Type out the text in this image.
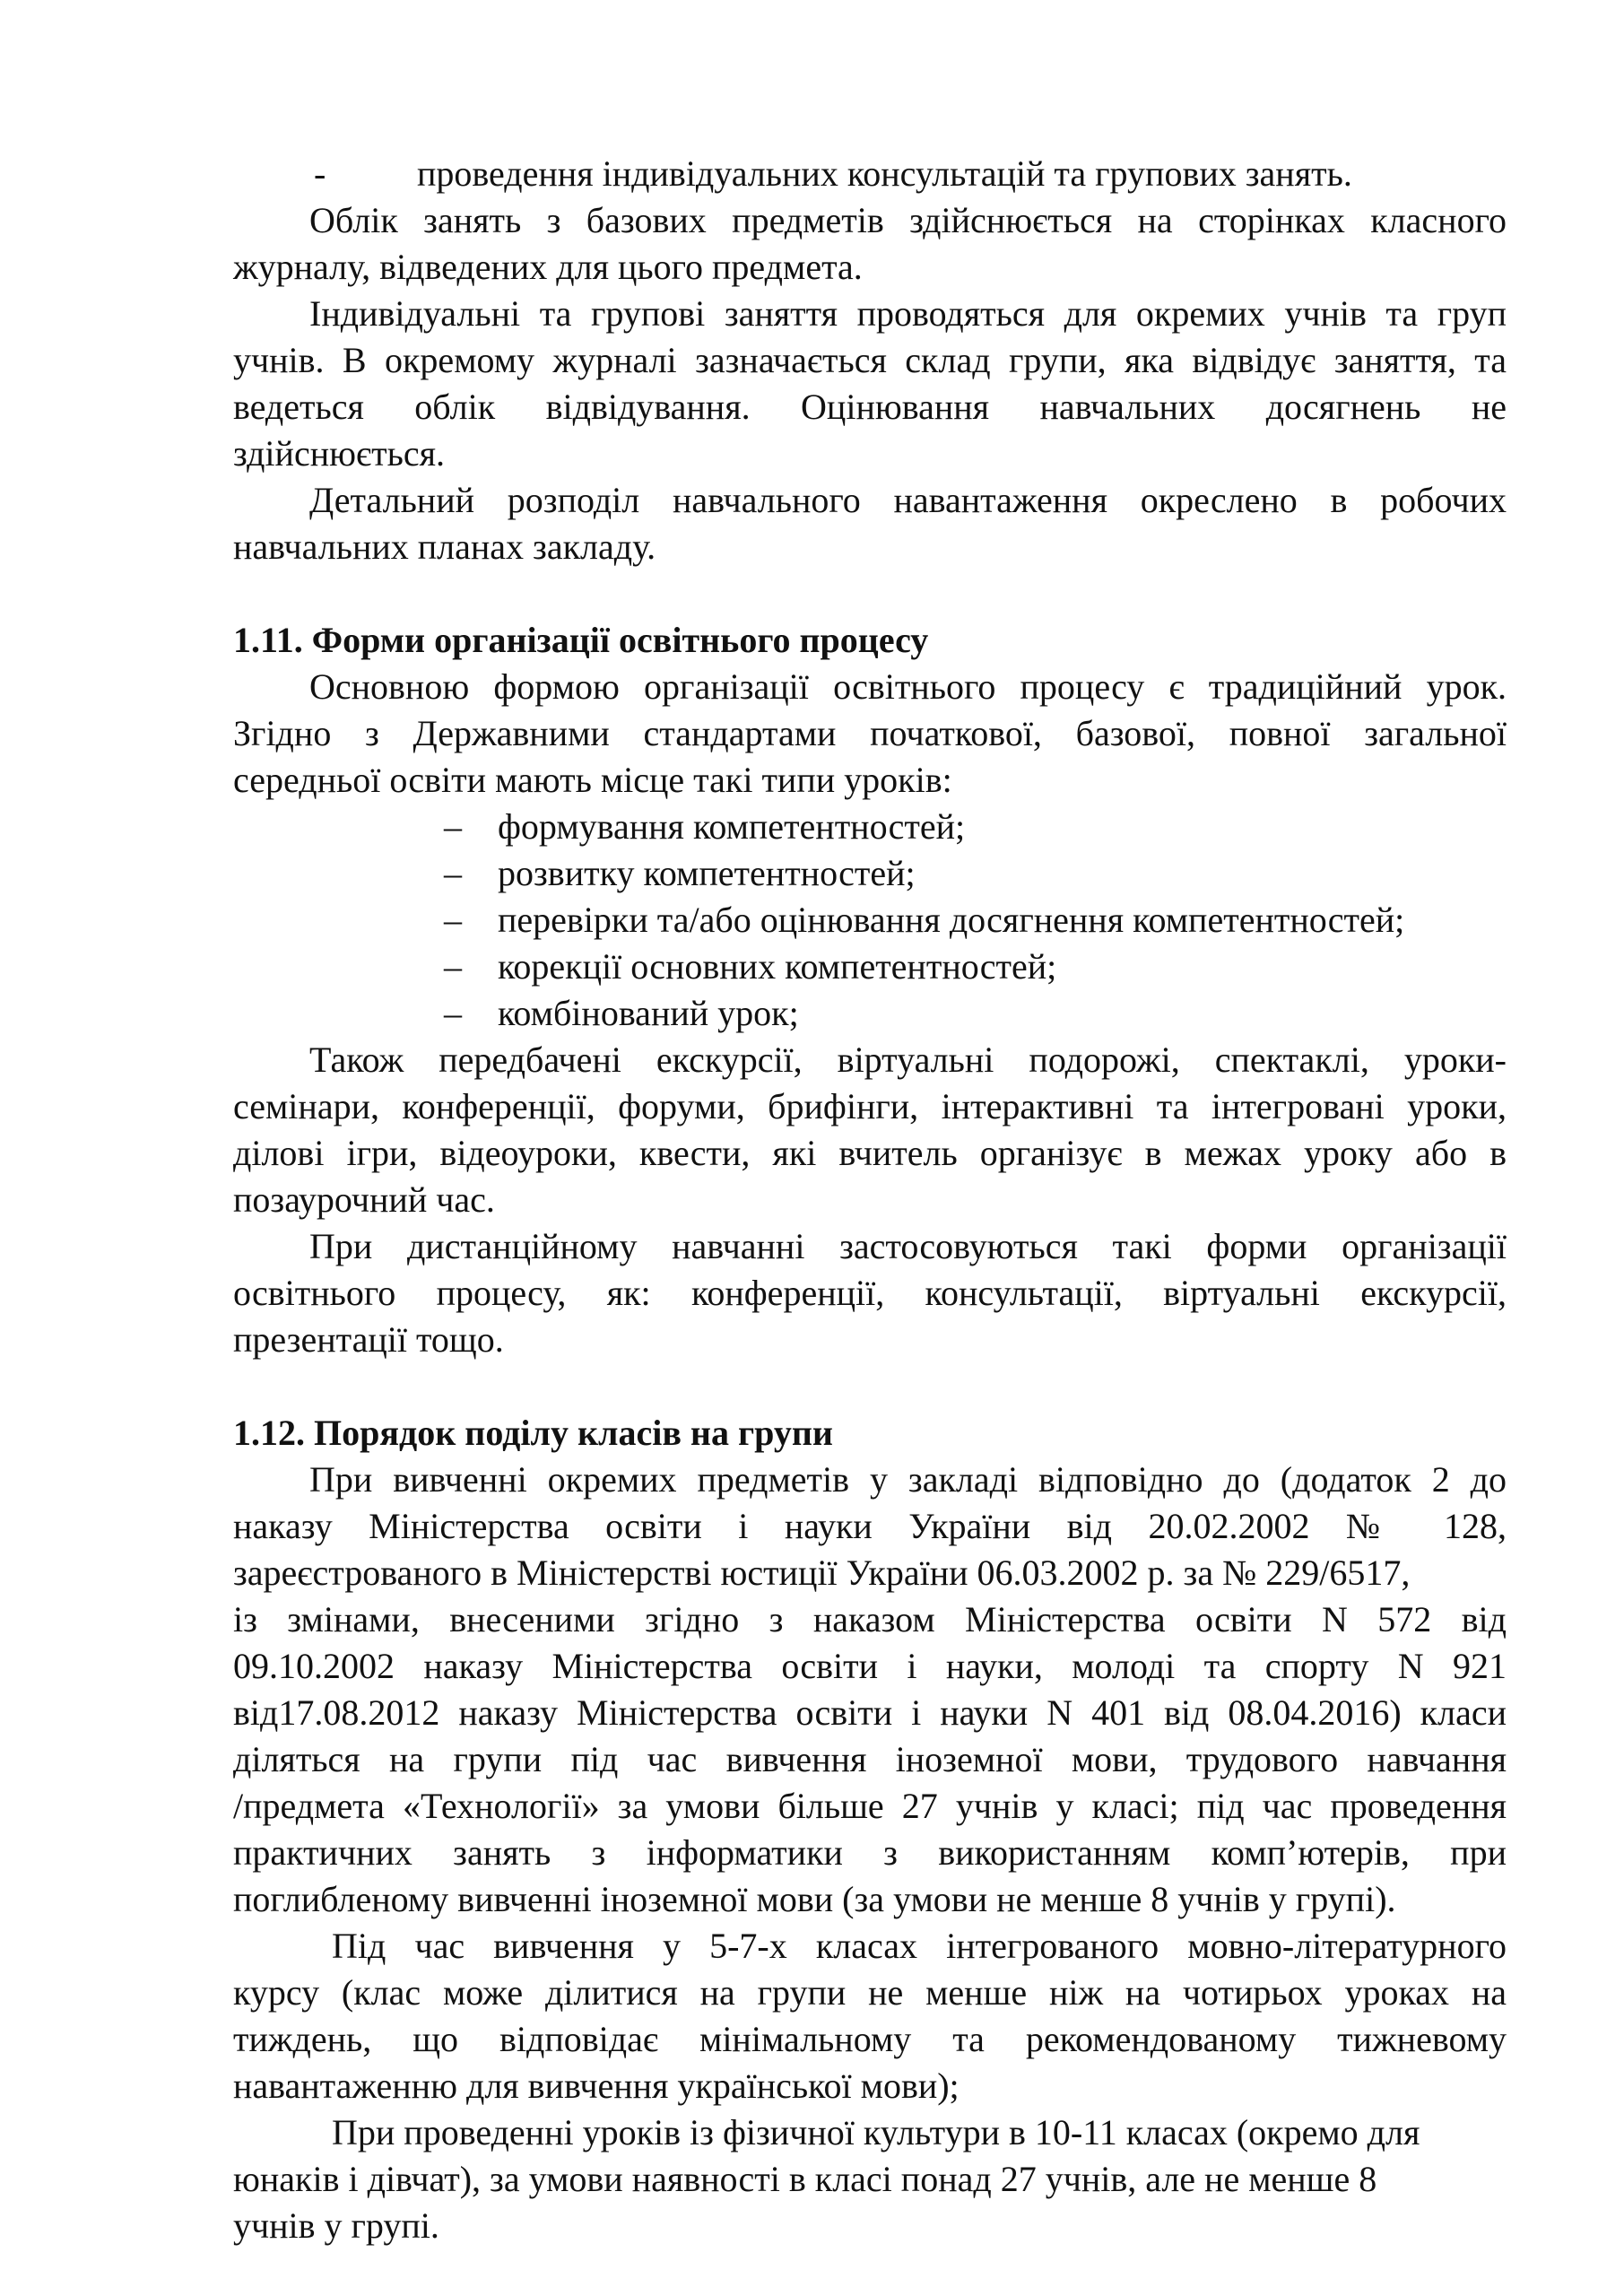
-	проведення індивідуальних консультацій та групових занять.

Облік занять з базових предметів здійснюється на сторінках класного

журналу, відведених для цього предмета.

Індивідуальні та групові заняття проводяться для окремих учнів та груп

учнів. В окремому журналі зазначається склад групи, яка відвідує заняття, та

ведеться облік відвідування. Оцінювання навчальних досягнень не

здійснюється.

Детальний розподіл навчального навантаження окреслено в робочих

навчальних планах закладу.

1.11. Форми організації освітнього процесу

Основною формою організації освітнього процесу є традиційний урок.

Згідно з Державними стандартами початкової, базової, повної загальної

середньої освіти мають місце такі типи уроків:

– формування компетентностей;
– розвитку компетентностей;
– перевірки та/або оцінювання досягнення компетентностей;
– корекції основних компетентностей;
– комбінований урок;

Також передбачені екскурсії, віртуальні подорожі, спектаклі, уроки-

семінари, конференції, форуми, брифінги, інтерактивні та інтегровані уроки,

ділові ігри, відеоуроки, квести, які вчитель організує в межах уроку або в

позаурочний час.

При дистанційному навчанні застосовуються такі форми організації

освітнього процесу, як: конференції, консультації, віртуальні екскурсії,

презентації тощо.

1.12. Порядок поділу класів на групи

При вивченні окремих предметів у закладі відповідно до (додаток 2 до

наказу Міністерства освіти і науки України від 20.02.2002 № 128,

зареєстрованого в Міністерстві юстиції України 06.03.2002 р. за № 229/6517,

із змінами, внесеними згідно з наказом Міністерства освіти N 572 від

09.10.2002 наказу Міністерства освіти і науки, молоді та спорту N 921

від17.08.2012 наказу Міністерства освіти і науки N 401 від 08.04.2016) класи

діляться на групи під час вивчення іноземної мови, трудового навчання

/предмета «Технології» за умови більше 27 учнів у класі; під час проведення

практичних занять з інформатики з використанням комп’ютерів, при

поглибленому вивченні іноземної мови (за умови не менше 8 учнів у групі).

Під час вивчення у 5-7-х класах інтегрованого мовно-літературного

курсу (клас може ділитися на групи не менше ніж на чотирьох уроках на

тиждень, що відповідає мінімальному та рекомендованому тижневому

навантаженню для вивчення української мови);

При проведенні уроків із фізичної культури в 10-11 класах (окремо для

юнаків і дівчат), за умови наявності в класі понад 27 учнів, але не менше 8

учнів у групі.
